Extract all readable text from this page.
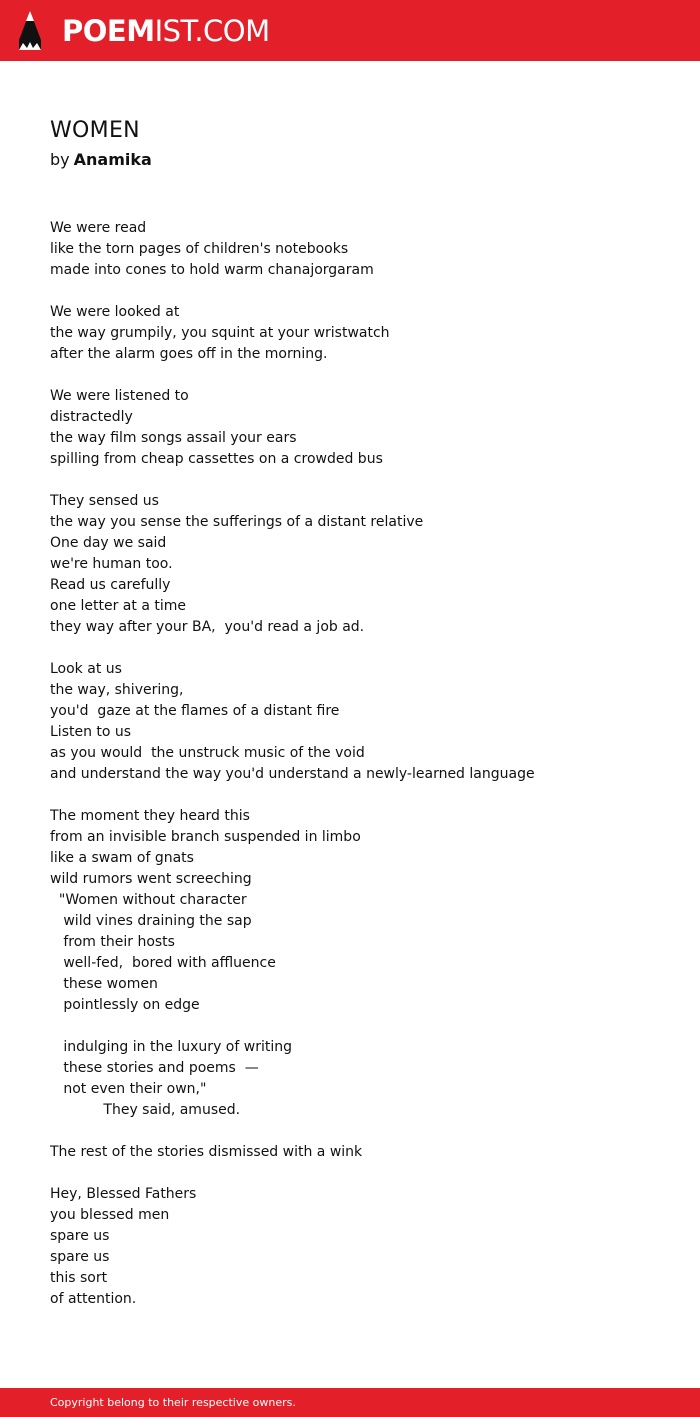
POEMIST.COM
WOMEN

by Anamika

We were read
like the torn pages of children's notebooks
made into cones to hold warm chanajorgaram

We were looked at
the way grumpily, you squint at your wristwatch
after the alarm goes off in the morning.

We were listened to
distractedly
the way film songs assail your ears
spilling from cheap cassettes on a crowded bus

They sensed us
the way you sense the sufferings of a distant relative
One day we said
we're human too.
Read us carefully
one letter at a time
they way after your BA,  you'd read a job ad.

Look at us
the way, shivering,
you'd  gaze at the flames of a distant fire
Listen to us
as you would  the unstruck music of the void
and understand the way you'd understand a newly-learned language

The moment they heard this
from an invisible branch suspended in limbo
like a swam of gnats
wild rumors went screeching
"Women without character
wild vines draining the sap
from their hosts
well-fed,  bored with affluence
these women
pointlessly on edge

indulging in the luxury of writing
these stories and poems  —
not even their own,"
They said, amused.

The rest of the stories dismissed with a wink

Hey, Blessed Fathers
you blessed men
spare us
spare us
this sort
of attention.
Copyright belong to their respective owners.
